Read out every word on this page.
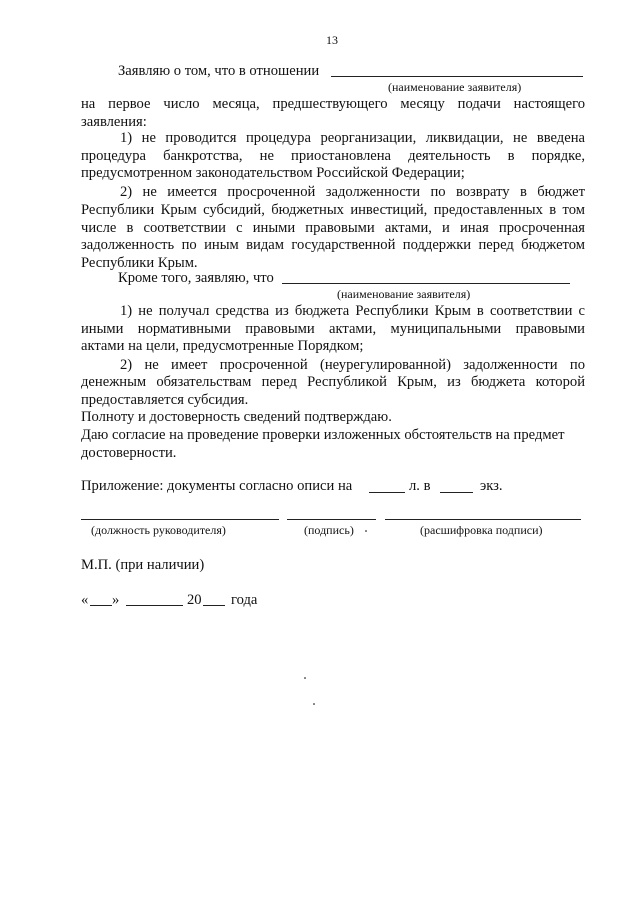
13
Заявляю о том, что в отношении
(наименование заявителя)
на первое число месяца, предшествующего месяцу подачи настоящего
заявления:
1) не проводится процедура реорганизации, ликвидации, не введена
процедура банкротства, не приостановлена деятельность в порядке,
предусмотренном законодательством Российской Федерации;
2) не имеется просроченной задолженности по возврату в бюджет
Республики Крым субсидий, бюджетных инвестиций, предоставленных в том
числе в соответствии с иными правовыми актами, и иная просроченная
задолженность по иным видам государственной поддержки перед бюджетом
Республики Крым.
Кроме того, заявляю, что
(наименование заявителя)
1) не получал средства из бюджета Республики Крым в соответствии с
иными нормативными правовыми актами, муниципальными правовыми
актами на цели, предусмотренные Порядком;
2) не имеет просроченной (неурегулированной) задолженности по
денежным обязательствам перед Республикой Крым, из бюджета которой
предоставляется субсидия.
Полноту и достоверность сведений подтверждаю.
Даю согласие на проведение проверки изложенных обстоятельств на предмет
достоверности.
Приложение: документы согласно описи на	л. в	экз.
(должность руководителя)	(подпись)	(расшифровка подписи)
М.П. (при наличии)
« »	20 года
